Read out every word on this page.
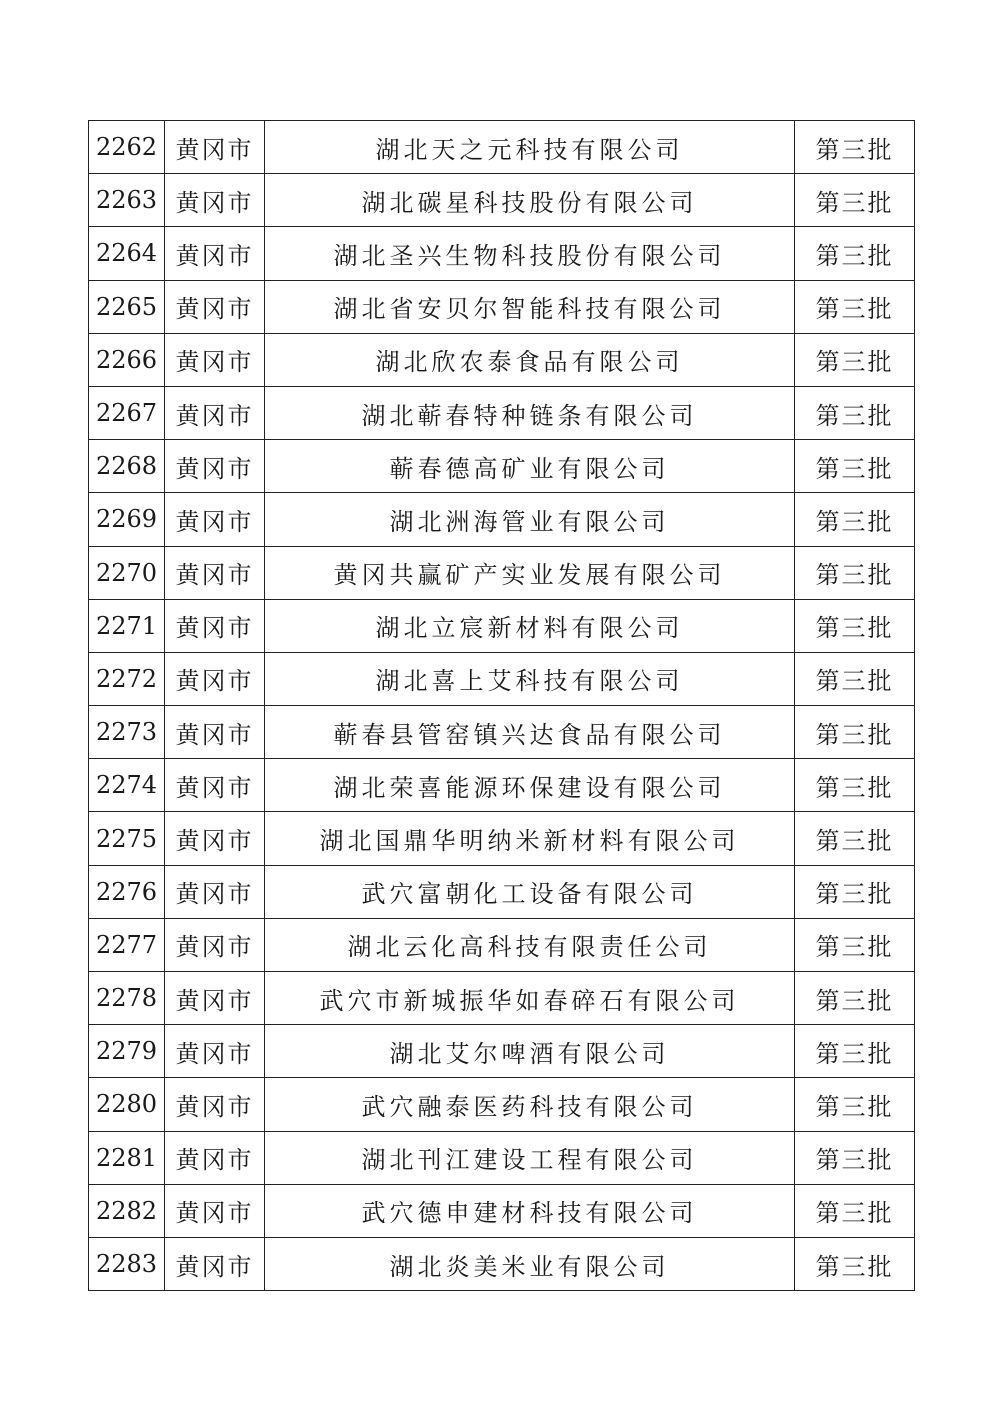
2262	黄冈市	湖北天之元科技有限公司	第三批
2263	黄冈市	湖北碳星科技股份有限公司	第三批
2264	黄冈市	湖北圣兴生物科技股份有限公司	第三批
2265	黄冈市	湖北省安贝尔智能科技有限公司	第三批
2266	黄冈市	湖北欣农泰食品有限公司	第三批
2267	黄冈市	湖北蕲春特种链条有限公司	第三批
2268	黄冈市	蕲春德高矿业有限公司	第三批
2269	黄冈市	湖北洲海管业有限公司	第三批
2270	黄冈市	黄冈共赢矿产实业发展有限公司	第三批
2271	黄冈市	湖北立宸新材料有限公司	第三批
2272	黄冈市	湖北喜上艾科技有限公司	第三批
2273	黄冈市	蕲春县管窑镇兴达食品有限公司	第三批
2274	黄冈市	湖北荣喜能源环保建设有限公司	第三批
2275	黄冈市	湖北国鼎华明纳米新材料有限公司	第三批
2276	黄冈市	武穴富朝化工设备有限公司	第三批
2277	黄冈市	湖北云化高科技有限责任公司	第三批
2278	黄冈市	武穴市新城振华如春碎石有限公司	第三批
2279	黄冈市	湖北艾尔啤酒有限公司	第三批
2280	黄冈市	武穴融泰医药科技有限公司	第三批
2281	黄冈市	湖北刊江建设工程有限公司	第三批
2282	黄冈市	武穴德申建材科技有限公司	第三批
2283	黄冈市	湖北炎美米业有限公司	第三批
